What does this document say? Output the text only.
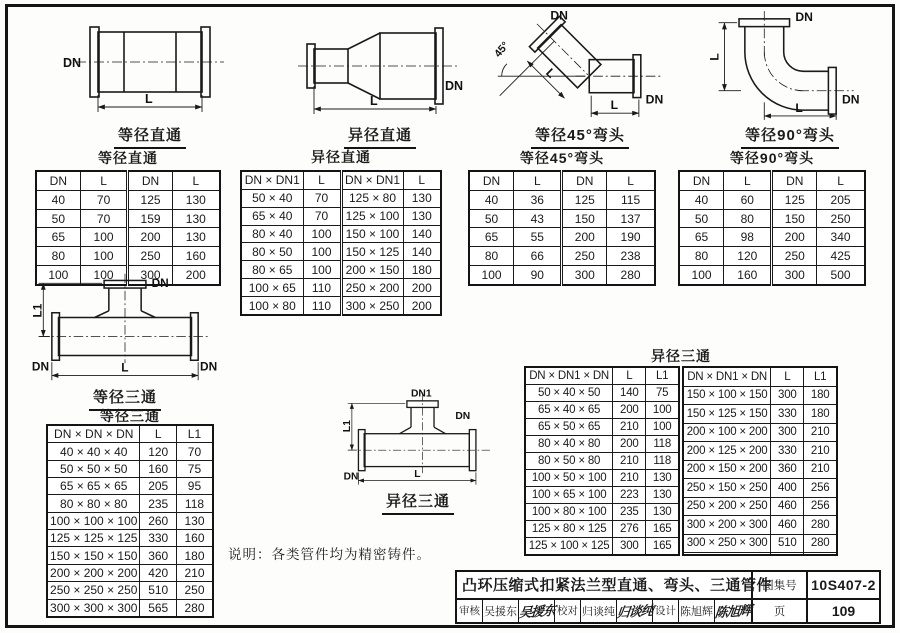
L
DN
等径直通
DN
L
异径直通
45°
L
DN
DN
L
等径45°弯头
DN
DN
L
L
等径90°弯头
等径直通
DN	L	DN	L
40	70	125	130
50	70	159	130
65	100	200	130
80	100	250	160
100	100	300	200
异径直通
DN × DN1	L	DN × DN1	L
50 × 40	70	125 × 80	130
65 × 40	70	125 × 100	130
80 × 40	100	150 × 100	140
80 × 50	100	150 × 125	140
80 × 65	100	200 × 150	180
100 × 65	110	250 × 200	200
100 × 80	110	300 × 250	200
等径45°弯头
DN	L	DN	L
40	36	125	115
50	43	150	137
65	55	200	190
80	66	250	238
100	90	300	280
等径90°弯头
DN	L	DN	L
40	60	125	205
50	80	150	250
65	98	200	340
80	120	250	425
100	160	300	500
DN
DN	DN
L1
L
等径三通
等径三通
DN × DN × DN	L	L1
40 × 40 × 40	120	70
50 × 50 × 50	160	75
65 × 65 × 65	205	95
80 × 80 × 80	235	118
100 × 100 × 100	260	130
125 × 125 × 125	330	160
150 × 150 × 150	360	180
200 × 200 × 200	420	210
250 × 250 × 250	510	250
300 × 300 × 300	565	280
DN1
DN
DN
L1
L
异径三通
说明：各类管件均为精密铸件。
异径三通
DN × DN1 × DN	L	L1
50 × 40 × 50	140	75
65 × 40 × 65	200	100
65 × 50 × 65	210	100
80 × 40 × 80	200	118
80 × 50 × 80	210	118
100 × 50 × 100	210	130
100 × 65 × 100	223	130
100 × 80 × 100	235	130
125 × 80 × 125	276	165
125 × 100 × 125	300	165
DN × DN1 × DN	L	L1
150 × 100 × 150	300	180
150 × 125 × 150	330	180
200 × 100 × 200	300	210
200 × 125 × 200	330	210
200 × 150 × 200	360	210
250 × 150 × 250	400	256
250 × 200 × 250	460	256
300 × 200 × 300	460	280
300 × 250 × 300	510	280

凸环压缩式扣紧法兰型直通、弯头、三通管件
图集号	10S407-2
审核 吴援东 吴援东 校对 归谈纯 归谈纯 设计 陈旭辉 陈旭辉	页	109
